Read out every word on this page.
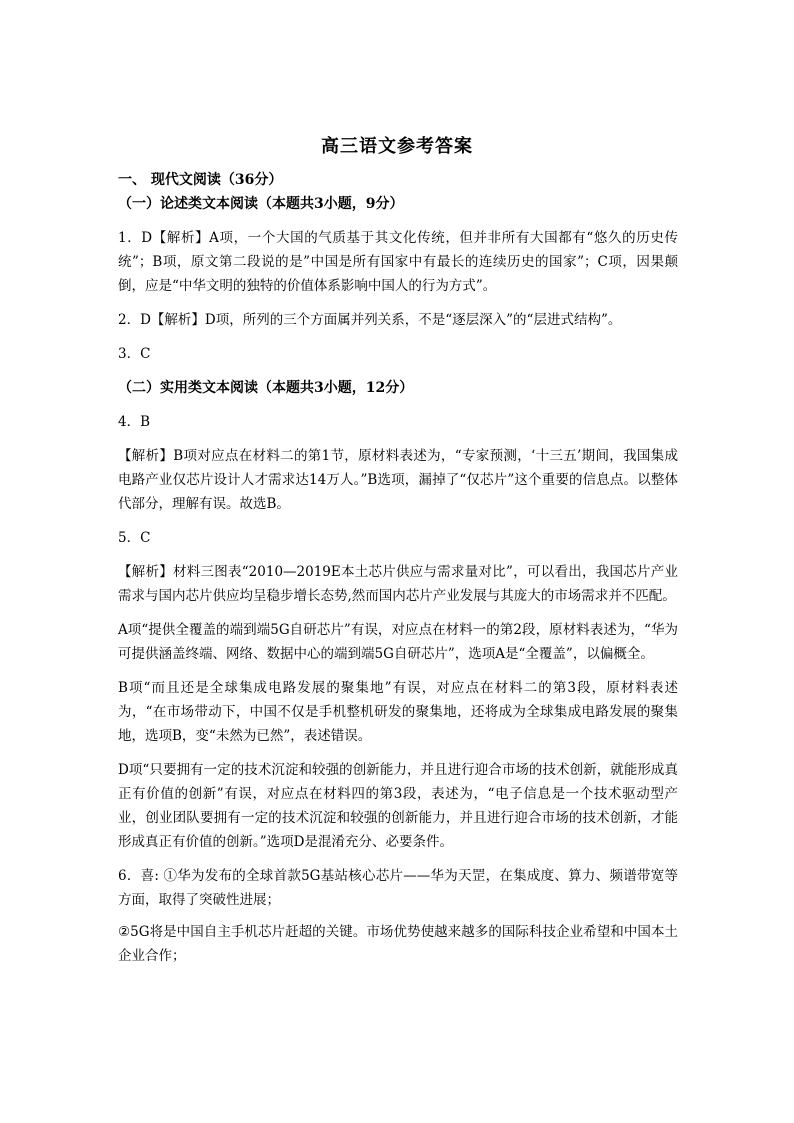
高三语文参考答案
一、 现代文阅读（36分）
（一）论述类文本阅读（本题共3小题，9分）
1．D【解析】A项，一个大国的气质基于其文化传统，但并非所有大国都有“悠久的历史传统”；B项，原文第二段说的是”中国是所有国家中有最长的连续历史的国家”；C项，因果颠倒，应是“中华文明的独特的价值体系影响中国人的行为方式”。
2．D【解析】D项，所列的三个方面属并列关系，不是“逐层深入”的“层进式结构”。
3．C
（二）实用类文本阅读（本题共3小题，12分）
4．B
【解析】B项对应点在材料二的第1节，原材料表述为，“专家预测，‘十三五’期间，我国集成电路产业仅芯片设计人才需求达14万人。”B选项，漏掉了“仅芯片”这个重要的信息点。以整体代部分，理解有误。故选B。
5．C
【解析】材料三图表“2010—2019E本土芯片供应与需求量对比”，可以看出，我国芯片产业需求与国内芯片供应均呈稳步增长态势,然而国内芯片产业发展与其庞大的市场需求并不匹配。
A项“提供全覆盖的端到端5G自研芯片”有误，对应点在材料一的第2段，原材料表述为，“华为可提供涵盖终端、网络、数据中心的端到端5G自研芯片”，选项A是“全覆盖”，以偏概全。
B项“而且还是全球集成电路发展的聚集地”有误，对应点在材料二的第3段，原材料表述为，“在市场带动下，中国不仅是手机整机研发的聚集地，还将成为全球集成电路发展的聚集地，选项B，变“未然为已然”，表述错误。
D项“只要拥有一定的技术沉淀和较强的创新能力，并且进行迎合市场的技术创新，就能形成真正有价值的创新”有误，对应点在材料四的第3段，表述为，“电子信息是一个技术驱动型产业，创业团队要拥有一定的技术沉淀和较强的创新能力，并且进行迎合市场的技术创新，才能形成真正有价值的创新。”选项D是混淆充分、必要条件。
6．喜: ①华为发布的全球首款5G基站核心芯片——华为天罡，在集成度、算力、频谱带宽等方面，取得了突破性进展；
②5G将是中国自主手机芯片赶超的关键。市场优势使越来越多的国际科技企业希望和中国本土企业合作；
